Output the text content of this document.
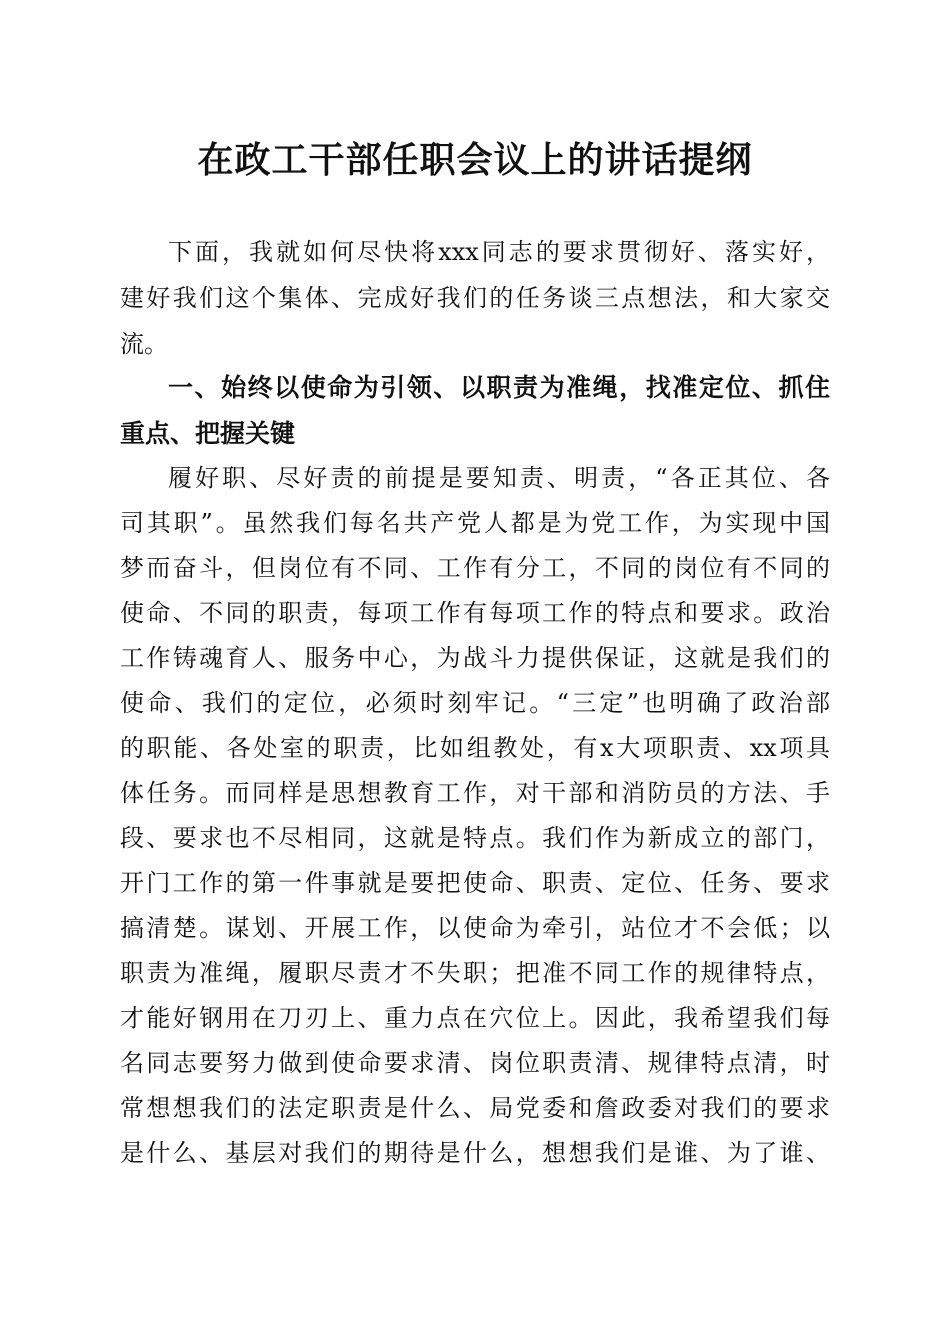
在政工干部任职会议上的讲话提纲
下面，我就如何尽快将xxx同志的要求贯彻好、落实好，
建好我们这个集体、完成好我们的任务谈三点想法，和大家交
流。
一、始终以使命为引领、以职责为准绳，找准定位、抓住
重点、把握关键
履好职、尽好责的前提是要知责、明责，“各正其位、各
司其职”。虽然我们每名共产党人都是为党工作，为实现中国
梦而奋斗，但岗位有不同、工作有分工，不同的岗位有不同的
使命、不同的职责，每项工作有每项工作的特点和要求。政治
工作铸魂育人、服务中心，为战斗力提供保证，这就是我们的
使命、我们的定位，必须时刻牢记。“三定”也明确了政治部
的职能、各处室的职责，比如组教处，有x大项职责、xx项具
体任务。而同样是思想教育工作，对干部和消防员的方法、手
段、要求也不尽相同，这就是特点。我们作为新成立的部门，
开门工作的第一件事就是要把使命、职责、定位、任务、要求
搞清楚。谋划、开展工作，以使命为牵引，站位才不会低；以
职责为准绳，履职尽责才不失职；把准不同工作的规律特点，
才能好钢用在刀刃上、重力点在穴位上。因此，我希望我们每
名同志要努力做到使命要求清、岗位职责清、规律特点清，时
常想想我们的法定职责是什么、局党委和詹政委对我们的要求
是什么、基层对我们的期待是什么，想想我们是谁、为了谁、
